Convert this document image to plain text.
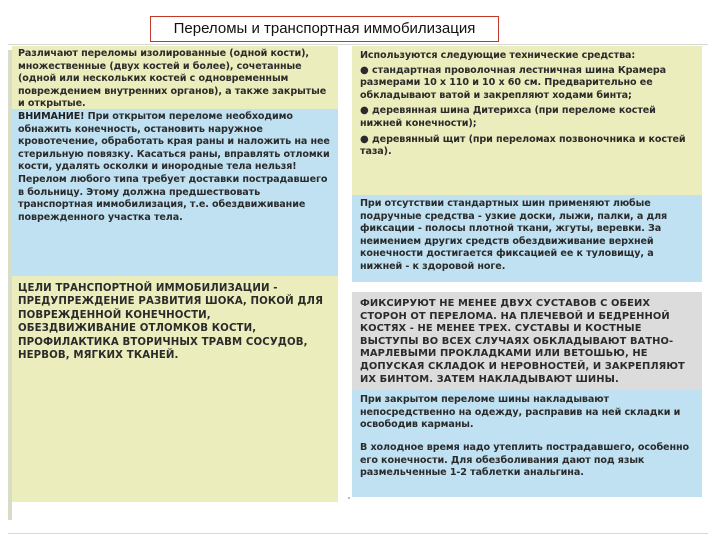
Переломы и транспортная иммобилизация
Различают переломы изолированные (одной кости), множественные (двух костей и более), сочетанные (одной или нескольких костей с одновременным повреждением внутренних органов), а также закрытые и открытые.
ВНИМАНИЕ! При открытом переломе необходимо обнажить конечность, остановить наружное кровотечение, обработать края раны и наложить на нее стерильную повязку. Касаться раны, вправлять отломки кости, удалять осколки и инородные тела нельзя! Перелом любого типа требует доставки пострадавшего в больницу. Этому должна предшествовать транспортная иммобилизация, т.е. обездвиживание поврежденного участка тела.
ЦЕЛИ ТРАНСПОРТНОЙ ИММОБИЛИЗАЦИИ - ПРЕДУПРЕЖДЕНИЕ РАЗВИТИЯ ШОКА, ПОКОЙ ДЛЯ ПОВРЕЖДЕННОЙ КОНЕЧНОСТИ, ОБЕЗДВИЖИВАНИЕ ОТЛОМКОВ КОСТИ, ПРОФИЛАКТИКА ВТОРИЧНЫХ ТРАВМ СОСУДОВ, НЕРВОВ, МЯГКИХ ТКАНЕЙ.
Используются следующие технические средства:
● стандартная проволочная лестничная шина Крамера размерами 10 х 110 и 10 х 60 см. Предварительно ее обкладывают ватой и закрепляют ходами бинта;
● деревянная шина Дитерихса (при переломе костей нижней конечности);
● деревянный щит (при переломах позвоночника и костей таза).
При отсутствии стандартных шин применяют любые подручные средства - узкие доски, лыжи, палки, а для фиксации - полосы плотной ткани, жгуты, веревки. За неимением других средств обездвиживание верхней конечности достигается фиксацией ее к туловищу, а нижней - к здоровой ноге.
ФИКСИРУЮТ НЕ МЕНЕЕ ДВУХ СУСТАВОВ С ОБЕИХ СТОРОН ОТ ПЕРЕЛОМА. НА ПЛЕЧЕВОЙ И БЕДРЕННОЙ КОСТЯХ - НЕ МЕНЕЕ ТРЕХ. СУСТАВЫ И КОСТНЫЕ ВЫСТУПЫ ВО ВСЕХ СЛУЧАЯХ ОБКЛАДЫВАЮТ ВАТНО-МАРЛЕВЫМИ ПРОКЛАДКАМИ ИЛИ ВЕТОШЬЮ, НЕ ДОПУСКАЯ СКЛАДОК И НЕРОВНОСТЕЙ, И ЗАКРЕПЛЯЮТ ИХ БИНТОМ. ЗАТЕМ НАКЛАДЫВАЮТ ШИНЫ.
При закрытом переломе шины накладывают непосредственно на одежду, расправив на ней складки и освободив карманы.
В холодное время надо утеплить пострадавшего, особенно его конечности. Для обезболивания дают под язык размельченные 1-2 таблетки анальгина.
